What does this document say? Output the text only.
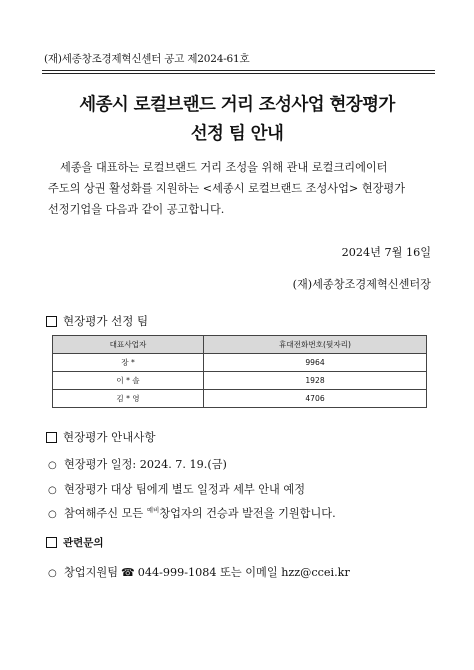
(재)세종창조경제혁신센터 공고 제2024-61호
세종시 로컬브랜드 거리 조성사업 현장평가
선정 팀 안내
세종을 대표하는 로컬브랜드 거리 조성을 위해 관내 로컬크리에이터
주도의 상권 활성화를 지원하는 <세종시 로컬브랜드 조성사업> 현장평가
선정기업을 다음과 같이 공고합니다.
2024년 7월 16일
(재)세종창조경제혁신센터장
현장평가 선정 팀
대표사업자	휴대전화번호(뒷자리)
장 *	9964
이 * 솔	1928
김 * 영	4706
현장평가 안내사항
○ 현장평가 일정: 2024. 7. 19.(금)
○ 현장평가 대상 팀에게 별도 일정과 세부 안내 예정
○ 참여해주신 모든 $^{예비}$창업자의 건승과 발전을 기원합니다.
관련문의
○ 창업지원팀 ☎ 044-999-1084 또는 이메일 hzz@ccei.kr
